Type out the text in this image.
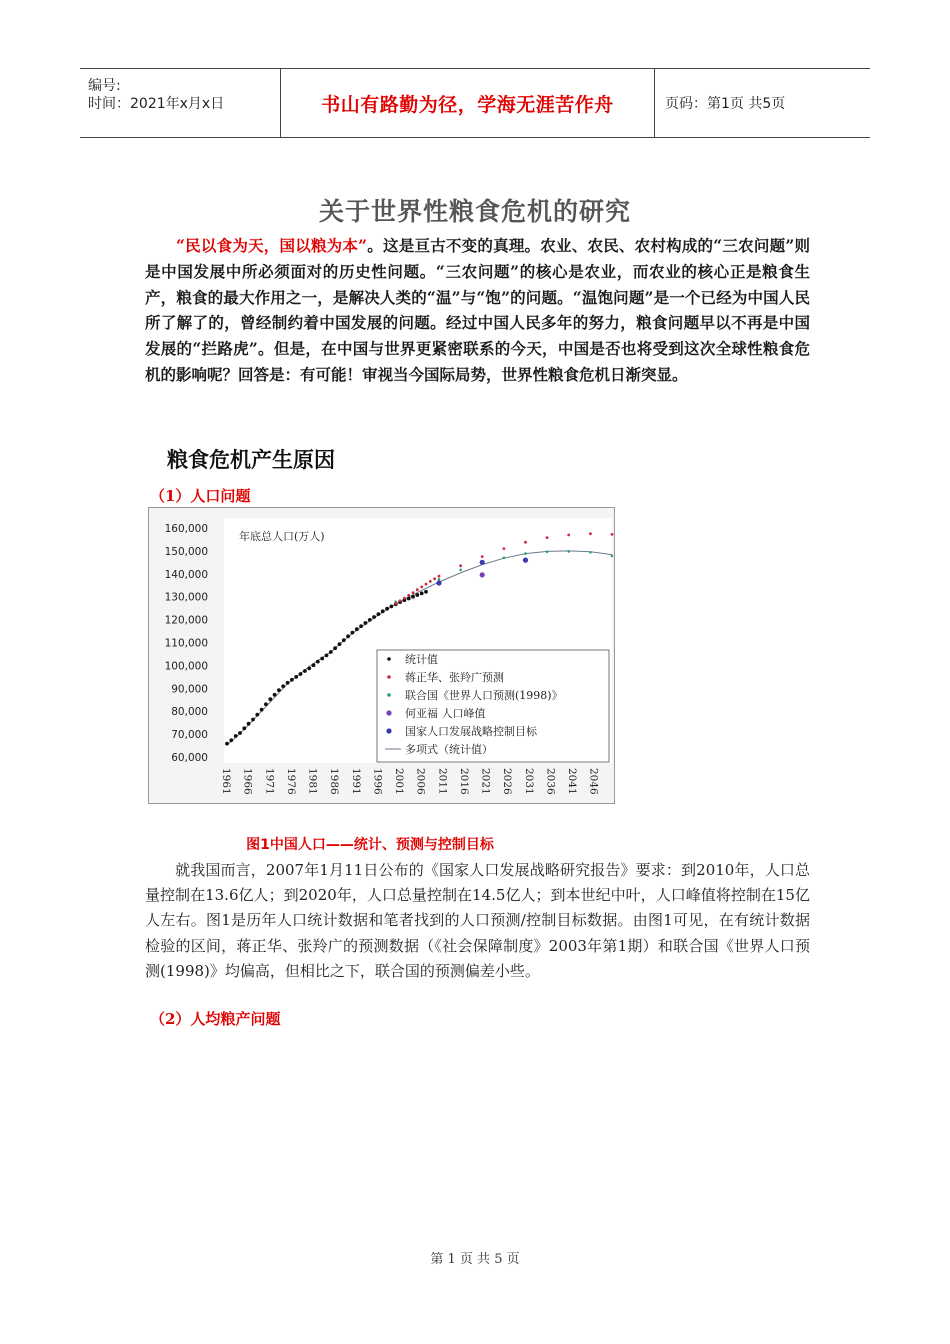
编号:
时间：2021年x月x日	书山有路勤为径，学海无涯苦作舟	页码：第1页 共5页
关于世界性粮食危机的研究
“民以食为天，国以粮为本”。这是亘古不变的真理。农业、农民、农村构成的“三农问题”则是中国发展中所必须面对的历史性问题。“三农问题”的核心是农业，而农业的核心正是粮食生产，粮食的最大作用之一，是解决人类的“温”与“饱”的问题。“温饱问题”是一个已经为中国人民所了解了的，曾经制约着中国发展的问题。经过中国人民多年的努力，粮食问题早以不再是中国发展的“拦路虎”。但是，在中国与世界更紧密联系的今天，中国是否也将受到这次全球性粮食危机的影响呢？回答是：有可能！审视当今国际局势，世界性粮食危机日渐突显。
粮食危机产生原因
（1）人口问题
60,000
70,000
80,000
90,000
100,000
110,000
120,000
130,000
140,000
150,000
160,000
1961 1966 1971 1976 1981 1986 1991 1996 2001 2006 2011 2016 2021 2026 2031 2036 2041 2046
年底总人口(万人)
统计值
蒋正华、张羚广预测
联合国《世界人口预测(1998)》
何亚福 人口峰值
国家人口发展战略控制目标
多项式（统计值）
图1中国人口——统计、预测与控制目标
就我国而言，2007年1月11日公布的《国家人口发展战略研究报告》要求：到2010年，人口总量控制在13.6亿人；到2020年，人口总量控制在14.5亿人；到本世纪中叶，人口峰值将控制在15亿人左右。图1是历年人口统计数据和笔者找到的人口预测/控制目标数据。由图1可见，在有统计数据检验的区间，蒋正华、张羚广的预测数据（《社会保障制度》2003年第1期）和联合国《世界人口预测(1998)》均偏高，但相比之下，联合国的预测偏差小些。
（2）人均粮产问题
第 1 页 共 5 页
